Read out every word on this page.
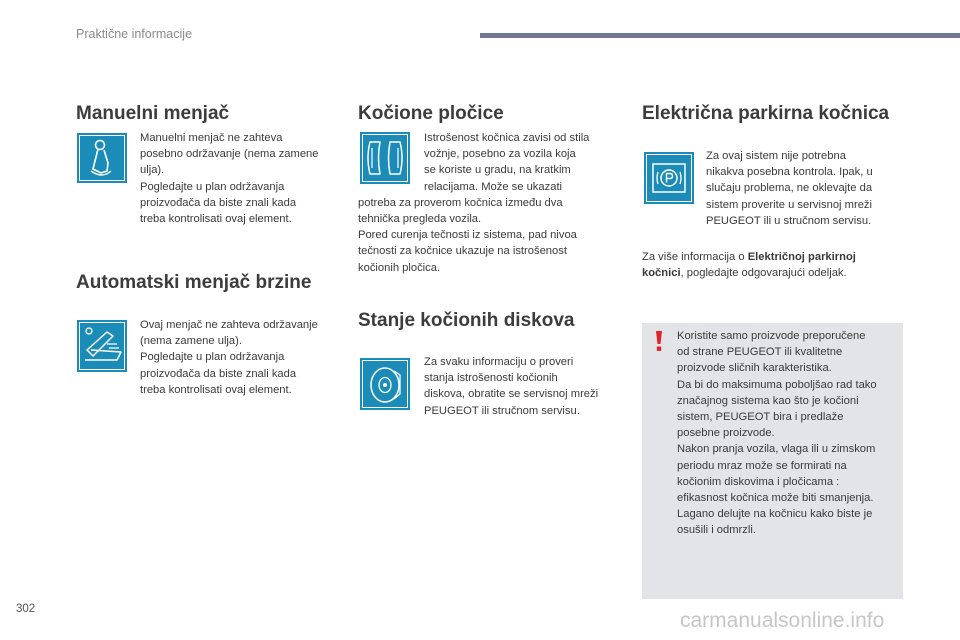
Praktične informacije
Manuelni menjač
Manuelni menjač ne zahteva
posebno održavanje (nema zamene
ulja).
Pogledajte u plan održavanja
proizvođača da biste znali kada
treba kontrolisati ovaj element.
Automatski menjač brzine
Ovaj menjač ne zahteva održavanje
(nema zamene ulja).
Pogledajte u plan održavanja
proizvođača da biste znali kada
treba kontrolisati ovaj element.
Kočione pločice
Istrošenost kočnica zavisi od stila
vožnje, posebno za vozila koja
se koriste u gradu, na kratkim
relacijama. Može se ukazati
potreba za proverom kočnica između dva
tehnička pregleda vozila.
Pored curenja tečnosti iz sistema, pad nivoa
tečnosti za kočnice ukazuje na istrošenost
kočionih pločica.
Stanje kočionih diskova
Za svaku informaciju o proveri
stanja istrošenosti kočionih
diskova, obratite se servisnoj mreži
PEUGEOT ili stručnom servisu.
Električna parkirna kočnica
Za ovaj sistem nije potrebna
nikakva posebna kontrola. Ipak, u
slučaju problema, ne oklevajte da
sistem proverite u servisnoj mreži
PEUGEOT ili u stručnom servisu.
Za više informacija o Električnoj parkirnoj
kočnici, pogledajte odgovarajući odeljak.
Koristite samo proizvode preporučene
od strane PEUGEOT ili kvalitetne
proizvode sličnih karakteristika.
Da bi do maksimuma poboljšao rad tako
značajnog sistema kao što je kočioni
sistem, PEUGEOT bira i predlaže
posebne proizvode.
Nakon pranja vozila, vlaga ili u zimskom
periodu mraz može se formirati na
kočionim diskovima i pločicama :
efikasnost kočnica može biti smanjenja.
Lagano delujte na kočnicu kako biste je
osušili i odmrzli.
302	carmanualsonline.info
